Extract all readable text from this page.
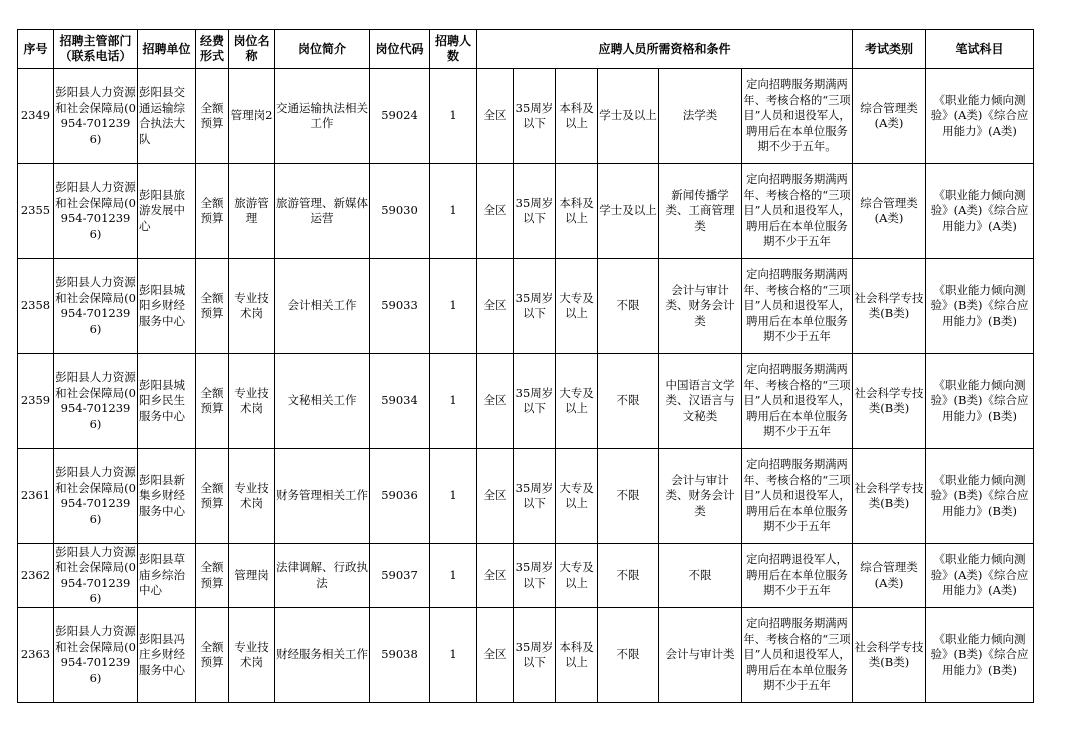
序号	招聘主管部门（联系电话）	招聘单位	经费形式	岗位名称	岗位简介	岗位代码	招聘人数	应聘人员所需资格和条件						考试类别	笔试科目
2349	彭阳县人力资源和社会保障局(0954-7012396)	彭阳县交通运输综合执法大队	全额预算	管理岗2	交通运输执法相关工作	59024	1	全区	35周岁以下	本科及以上	学士及以上	法学类	定向招聘服务期满两年、考核合格的“三项目”人员和退役军人，聘用后在本单位服务期不少于五年。	综合管理类(A类)	《职业能力倾向测验》(A类)《综合应用能力》(A类)
2355	彭阳县人力资源和社会保障局(0954-7012396)	彭阳县旅游发展中心	全额预算	旅游管理	旅游管理、新媒体运营	59030	1	全区	35周岁以下	本科及以上	学士及以上	新闻传播学类、工商管理类	定向招聘服务期满两年、考核合格的“三项目”人员和退役军人，聘用后在本单位服务期不少于五年	综合管理类(A类)	《职业能力倾向测验》(A类)《综合应用能力》(A类)
2358	彭阳县人力资源和社会保障局(0954-7012396)	彭阳县城阳乡财经服务中心	全额预算	专业技术岗	会计相关工作	59033	1	全区	35周岁以下	大专及以上	不限	会计与审计类、财务会计类	定向招聘服务期满两年、考核合格的“三项目”人员和退役军人，聘用后在本单位服务期不少于五年	社会科学专技类(B类)	《职业能力倾向测验》(B类)《综合应用能力》(B类)
2359	彭阳县人力资源和社会保障局(0954-7012396)	彭阳县城阳乡民生服务中心	全额预算	专业技术岗	文秘相关工作	59034	1	全区	35周岁以下	大专及以上	不限	中国语言文学类、汉语言与文秘类	定向招聘服务期满两年、考核合格的“三项目”人员和退役军人，聘用后在本单位服务期不少于五年	社会科学专技类(B类)	《职业能力倾向测验》(B类)《综合应用能力》(B类)
2361	彭阳县人力资源和社会保障局(0954-7012396)	彭阳县新集乡财经服务中心	全额预算	专业技术岗	财务管理相关工作	59036	1	全区	35周岁以下	大专及以上	不限	会计与审计类、财务会计类	定向招聘服务期满两年、考核合格的“三项目”人员和退役军人，聘用后在本单位服务期不少于五年	社会科学专技类(B类)	《职业能力倾向测验》(B类)《综合应用能力》(B类)
2362	彭阳县人力资源和社会保障局(0954-7012396)	彭阳县草庙乡综治中心	全额预算	管理岗	法律调解、行政执法	59037	1	全区	35周岁以下	大专及以上	不限	不限	定向招聘退役军人，聘用后在本单位服务期不少于五年	综合管理类(A类)	《职业能力倾向测验》(A类)《综合应用能力》(A类)
2363	彭阳县人力资源和社会保障局(0954-7012396)	彭阳县冯庄乡财经服务中心	全额预算	专业技术岗	财经服务相关工作	59038	1	全区	35周岁以下	本科及以上	不限	会计与审计类	定向招聘服务期满两年、考核合格的“三项目”人员和退役军人，聘用后在本单位服务期不少于五年	社会科学专技类(B类)	《职业能力倾向测验》(B类)《综合应用能力》(B类)
